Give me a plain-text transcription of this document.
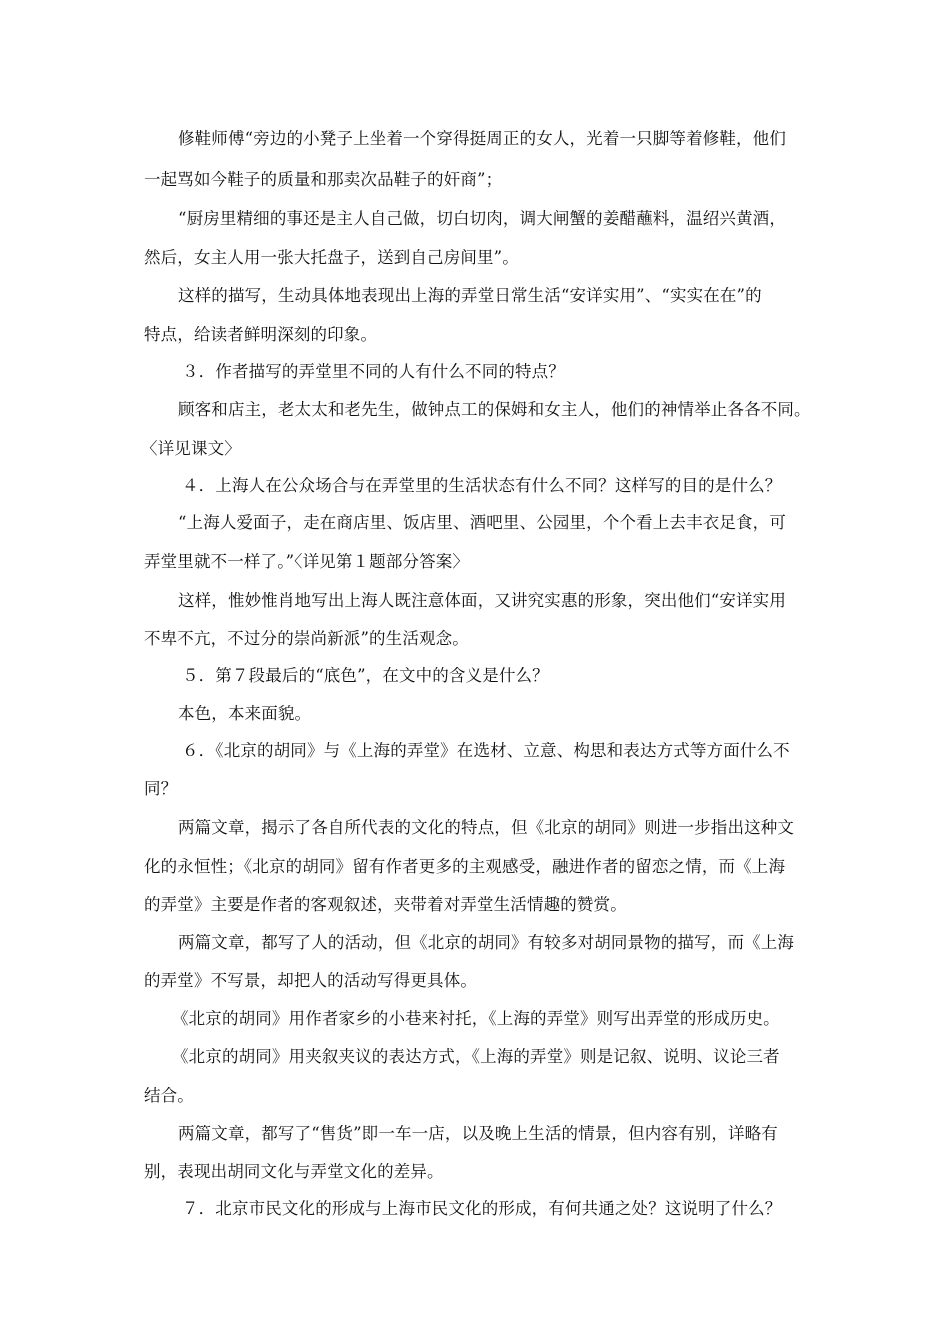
修鞋师傅“旁边的小凳子上坐着一个穿得挺周正的女人，光着一只脚等着修鞋，他们
一起骂如今鞋子的质量和那卖次品鞋子的奸商”；
“厨房里精细的事还是主人自己做，切白切肉，调大闸蟹的姜醋蘸料，温绍兴黄酒，
然后，女主人用一张大托盘子，送到自己房间里”。
这样的描写，生动具体地表现出上海的弄堂日常生活“安详实用”、“实实在在”的
特点，给读者鲜明深刻的印象。
３．作者描写的弄堂里不同的人有什么不同的特点？
顾客和店主，老太太和老先生，做钟点工的保姆和女主人，他们的神情举止各各不同。
〈详见课文〉
４．上海人在公众场合与在弄堂里的生活状态有什么不同？这样写的目的是什么？
“上海人爱面子，走在商店里、饭店里、酒吧里、公园里，个个看上去丰衣足食，可
弄堂里就不一样了。”〈详见第１题部分答案〉
这样，惟妙惟肖地写出上海人既注意体面，又讲究实惠的形象，突出他们“安详实用
不卑不亢，不过分的崇尚新派”的生活观念。
５．第７段最后的“底色”，在文中的含义是什么？
本色，本来面貌。
６．《北京的胡同》与《上海的弄堂》在选材、立意、构思和表达方式等方面什么不
同？
两篇文章，揭示了各自所代表的文化的特点，但《北京的胡同》则进一步指出这种文
化的永恒性；《北京的胡同》留有作者更多的主观感受，融进作者的留恋之情，而《上海
的弄堂》主要是作者的客观叙述，夹带着对弄堂生活情趣的赞赏。
两篇文章，都写了人的活动，但《北京的胡同》有较多对胡同景物的描写，而《上海
的弄堂》不写景，却把人的活动写得更具体。
《北京的胡同》用作者家乡的小巷来衬托，《上海的弄堂》则写出弄堂的形成历史。
《北京的胡同》用夹叙夹议的表达方式，《上海的弄堂》则是记叙、说明、议论三者
结合。
两篇文章，都写了“售货”即一车一店，以及晚上生活的情景，但内容有别，详略有
别，表现出胡同文化与弄堂文化的差异。
７．北京市民文化的形成与上海市民文化的形成，有何共通之处？这说明了什么？
